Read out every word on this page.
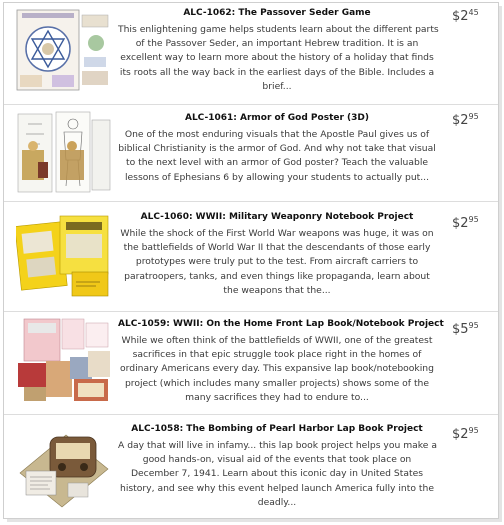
ALC-1062: The Passover Seder Game
This enlightening game helps students learn about the different parts
of the Passover Seder, an important Hebrew tradition. It is an
excellent way to learn more about the history of a holiday that finds
its roots all the way back in the earliest days of the Bible. Includes a
brief...
$\$2^{45}$
ALC-1061: Armor of God Poster (3D)
One of the most enduring visuals that the Apostle Paul gives us of
biblical Christianity is the armor of God. And why not take that visual
to the next level with an armor of God poster? Teach the valuable
lessons of Ephesians 6 by allowing your students to actually put...
$\$2^{95}$
ALC-1060: WWII: Military Weaponry Notebook Project
While the shock of the First World War weapons was huge, it was on
the battlefields of World War II that the descendants of those early
prototypes were truly put to the test. From aircraft carriers to
paratroopers, tanks, and even things like propaganda, learn about
the weapons that the...
$\$2^{95}$
ALC-1059: WWII: On the Home Front Lap Book/Notebook Project
While we often think of the battlefields of WWII, one of the greatest
sacrifices in that epic struggle took place right in the homes of
ordinary Americans every day. This expansive lap book/notebooking
project (which includes many smaller projects) shows some of the
many sacrifices they had to endure to...
$\$5^{95}$
ALC-1058: The Bombing of Pearl Harbor Lap Book Project
A day that will live in infamy... this lap book project helps you make a
good hands-on, visual aid of the events that took place on
December 7, 1941. Learn about this iconic day in United States
history, and see why this event helped launch America fully into the
deadly...
$\$2^{95}$
